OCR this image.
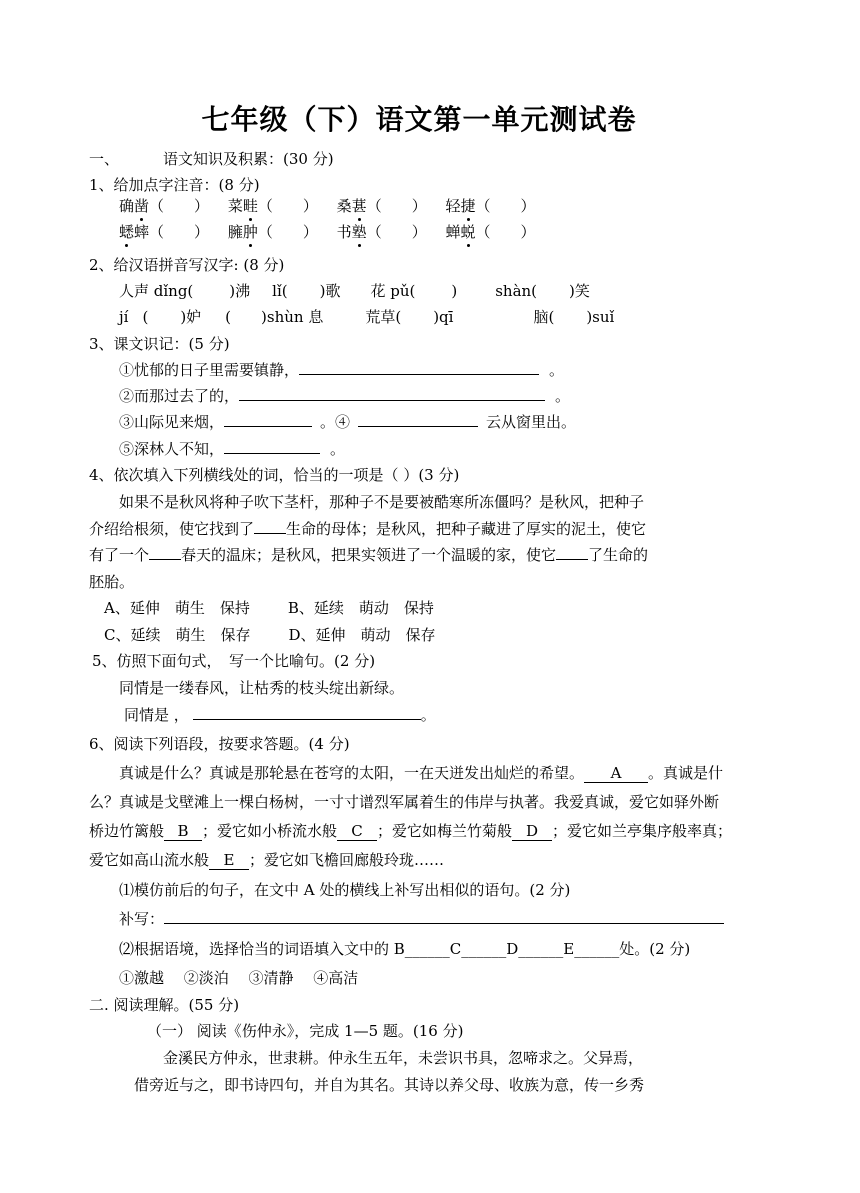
七年级（下）语文第一单元测试卷
一、	语文知识及积累：(30 分)
1、给加点字注音：(8 分)
确凿（　　） 菜畦（　　） 桑葚（　　） 轻捷（　　）
蟋蟀（　　） 臃肿（　　） 书塾（　　） 蝉蜕（　　）
2、给汉语拼音写汉字: (8 分)
人声 dǐng( )沸 lǐ( )歌 花 pǔ( )	shàn( )笑
jí ( )妒 ( )shùn 息	荒草( )qī	脑( )suǐ
3、课文识记：(5 分)
①忧郁的日子里需要镇静，	。
②而那过去了的，	。
③山际见来烟，	。④	云从窗里出。
⑤深林人不知，	。
4、依次填入下列横线处的词，恰当的一项是（ ）(3 分)
如果不是秋风将种子吹下茎杆，那种子不是要被酷寒所冻僵吗？是秋风，把种子
介绍给根须，使它找到了 生命的母体；是秋风，把种子藏进了厚实的泥土，使它
有了一个 春天的温床；是秋风，把果实领进了一个温暖的家，使它 了生命的
胚胎。
A、延伸　萌生　保持	B、延续　萌动　保持
C、延续　萌生　保存	D、延伸　萌动　保存
5、仿照下面句式，　写一个比喻句。(2 分)
同情是一缕春风，让枯秀的枝头绽出新绿。
同情是 ，	。
6、阅读下列语段，按要求答题。(4 分)
真诚是什么？真诚是那轮悬在苍穹的太阳，一在天迸发出灿烂的希望。 A 。真诚是什
么？真诚是戈壁滩上一棵白杨树，一寸寸谱烈军属着生的伟岸与执著。我爱真诚，爱它如驿外断
桥边竹篱般 B ；爱它如小桥流水般 C ；爱它如梅兰竹菊般 D ；爱它如兰亭集序般率真；
爱它如高山流水般 E ；爱它如飞檐回廊般玲珑……
⑴模仿前后的句子，在文中 A 处的横线上补写出相似的语句。(2 分)
补写：
⑵根据语境，选择恰当的词语填入文中的 B______C______D______E______处。(2 分)
①激越　 ②淡泊　 ③清静　 ④高洁
二. 阅读理解。(55 分)
（一） 阅读《伤仲永》，完成 1—5 题。(16 分)
金溪民方仲永，世隶耕。仲永生五年，未尝识书具，忽啼求之。父异焉，
借旁近与之，即书诗四句，并自为其名。其诗以养父母、收族为意，传一乡秀
